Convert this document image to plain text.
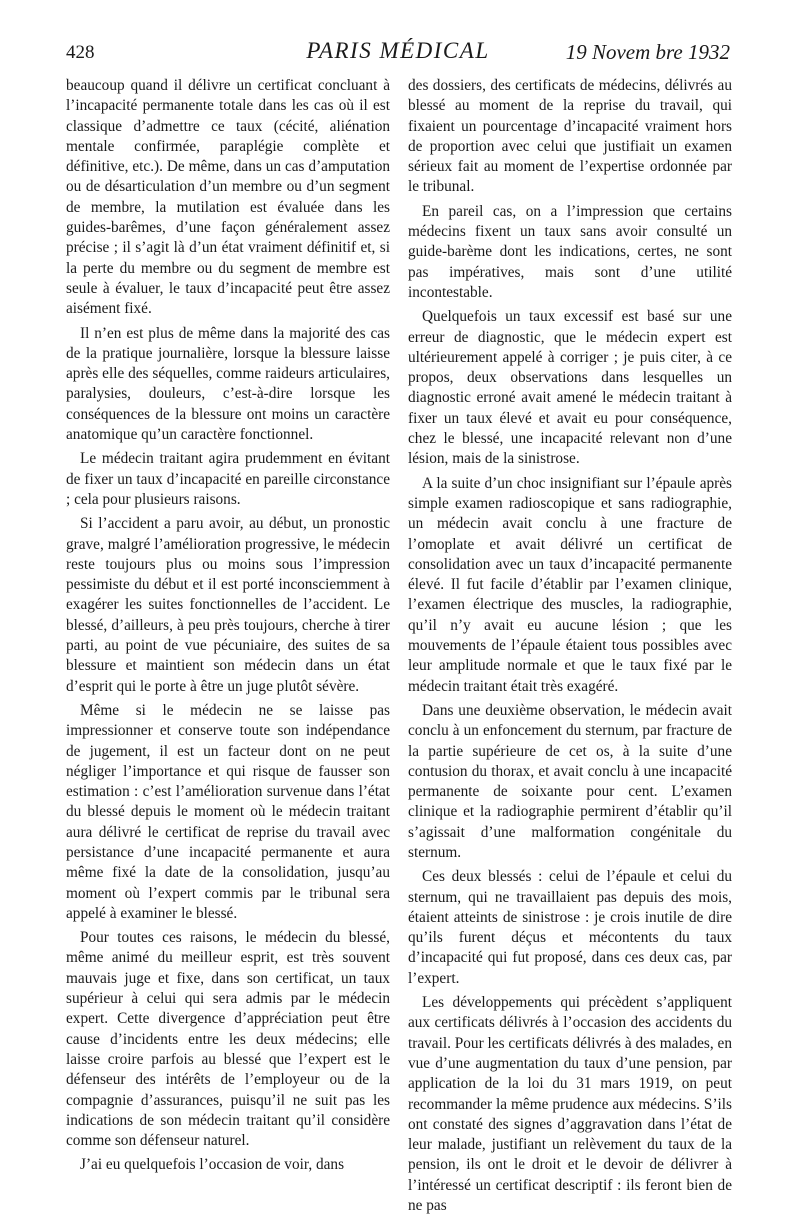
428	PARIS MÉDICAL	19 Novem bre 1932

beaucoup quand il délivre un certificat concluant à l’incapacité permanente totale dans les cas où il est classique d’admettre ce taux (cécité, aliénation mentale confirmée, paraplégie complète et définitive, etc.). De même, dans un cas d’amputation ou de désarticulation d’un membre ou d’un segment de membre, la mutilation est évaluée dans les guides-barêmes, d’une façon généralement assez précise ; il s’agit là d’un état vraiment définitif et, si la perte du membre ou du segment de membre est seule à évaluer, le taux d’incapacité peut être assez aisément fixé.

Il n’en est plus de même dans la majorité des cas de la pratique journalière, lorsque la blessure laisse après elle des séquelles, comme raideurs articulaires, paralysies, douleurs, c’est-à-dire lorsque les conséquences de la blessure ont moins un caractère anatomique qu’un caractère fonctionnel.

Le médecin traitant agira prudemment en évitant de fixer un taux d’incapacité en pareille circonstance ; cela pour plusieurs raisons.

Si l’accident a paru avoir, au début, un pronostic grave, malgré l’amélioration progressive, le médecin reste toujours plus ou moins sous l’impression pessimiste du début et il est porté inconsciemment à exagérer les suites fonctionnelles de l’accident. Le blessé, d’ailleurs, à peu près toujours, cherche à tirer parti, au point de vue pécuniaire, des suites de sa blessure et maintient son médecin dans un état d’esprit qui le porte à être un juge plutôt sévère.

Même si le médecin ne se laisse pas impressionner et conserve toute son indépendance de jugement, il est un facteur dont on ne peut négliger l’importance et qui risque de fausser son estimation : c’est l’amélioration survenue dans l’état du blessé depuis le moment où le médecin traitant aura délivré le certificat de reprise du travail avec persistance d’une incapacité permanente et aura même fixé la date de la consolidation, jusqu’au moment où l’expert commis par le tribunal sera appelé à examiner le blessé.

Pour toutes ces raisons, le médecin du blessé, même animé du meilleur esprit, est très souvent mauvais juge et fixe, dans son certificat, un taux supérieur à celui qui sera admis par le médecin expert. Cette divergence d’appréciation peut être cause d’incidents entre les deux médecins; elle laisse croire parfois au blessé que l’expert est le défenseur des intérêts de l’employeur ou de la compagnie d’assurances, puisqu’il ne suit pas les indications de son médecin traitant qu’il considère comme son défenseur naturel.

J’ai eu quelquefois l’occasion de voir, dans

des dossiers, des certificats de médecins, délivrés au blessé au moment de la reprise du travail, qui fixaient un pourcentage d’incapacité vraiment hors de proportion avec celui que justifiait un examen sérieux fait au moment de l’expertise ordonnée par le tribunal.

En pareil cas, on a l’impression que certains médecins fixent un taux sans avoir consulté un guide-barème dont les indications, certes, ne sont pas impératives, mais sont d’une utilité incontestable.

Quelquefois un taux excessif est basé sur une erreur de diagnostic, que le médecin expert est ultérieurement appelé à corriger ; je puis citer, à ce propos, deux observations dans lesquelles un diagnostic erroné avait amené le médecin traitant à fixer un taux élevé et avait eu pour conséquence, chez le blessé, une incapacité relevant non d’une lésion, mais de la sinistrose.

A la suite d’un choc insignifiant sur l’épaule après simple examen radioscopique et sans radiographie, un médecin avait conclu à une fracture de l’omoplate et avait délivré un certificat de consolidation avec un taux d’incapacité permanente élevé. Il fut facile d’établir par l’examen clinique, l’examen électrique des muscles, la radiographie, qu’il n’y avait eu aucune lésion ; que les mouvements de l’épaule étaient tous possibles avec leur amplitude normale et que le taux fixé par le médecin traitant était très exagéré.

Dans une deuxième observation, le médecin avait conclu à un enfoncement du sternum, par fracture de la partie supérieure de cet os, à la suite d’une contusion du thorax, et avait conclu à une incapacité permanente de soixante pour cent. L’examen clinique et la radiographie permirent d’établir qu’il s’agissait d’une malformation congénitale du sternum.

Ces deux blessés : celui de l’épaule et celui du sternum, qui ne travaillaient pas depuis des mois, étaient atteints de sinistrose : je crois inutile de dire qu’ils furent déçus et mécontents du taux d’incapacité qui fut proposé, dans ces deux cas, par l’expert.

Les développements qui précèdent s’appliquent aux certificats délivrés à l’occasion des accidents du travail. Pour les certificats délivrés à des malades, en vue d’une augmentation du taux d’une pension, par application de la loi du 31 mars 1919, on peut recommander la même prudence aux médecins. S’ils ont constaté des signes d’aggravation dans l’état de leur malade, justifiant un relèvement du taux de la pension, ils ont le droit et le devoir de délivrer à l’intéressé un certificat descriptif : ils feront bien de ne pas
